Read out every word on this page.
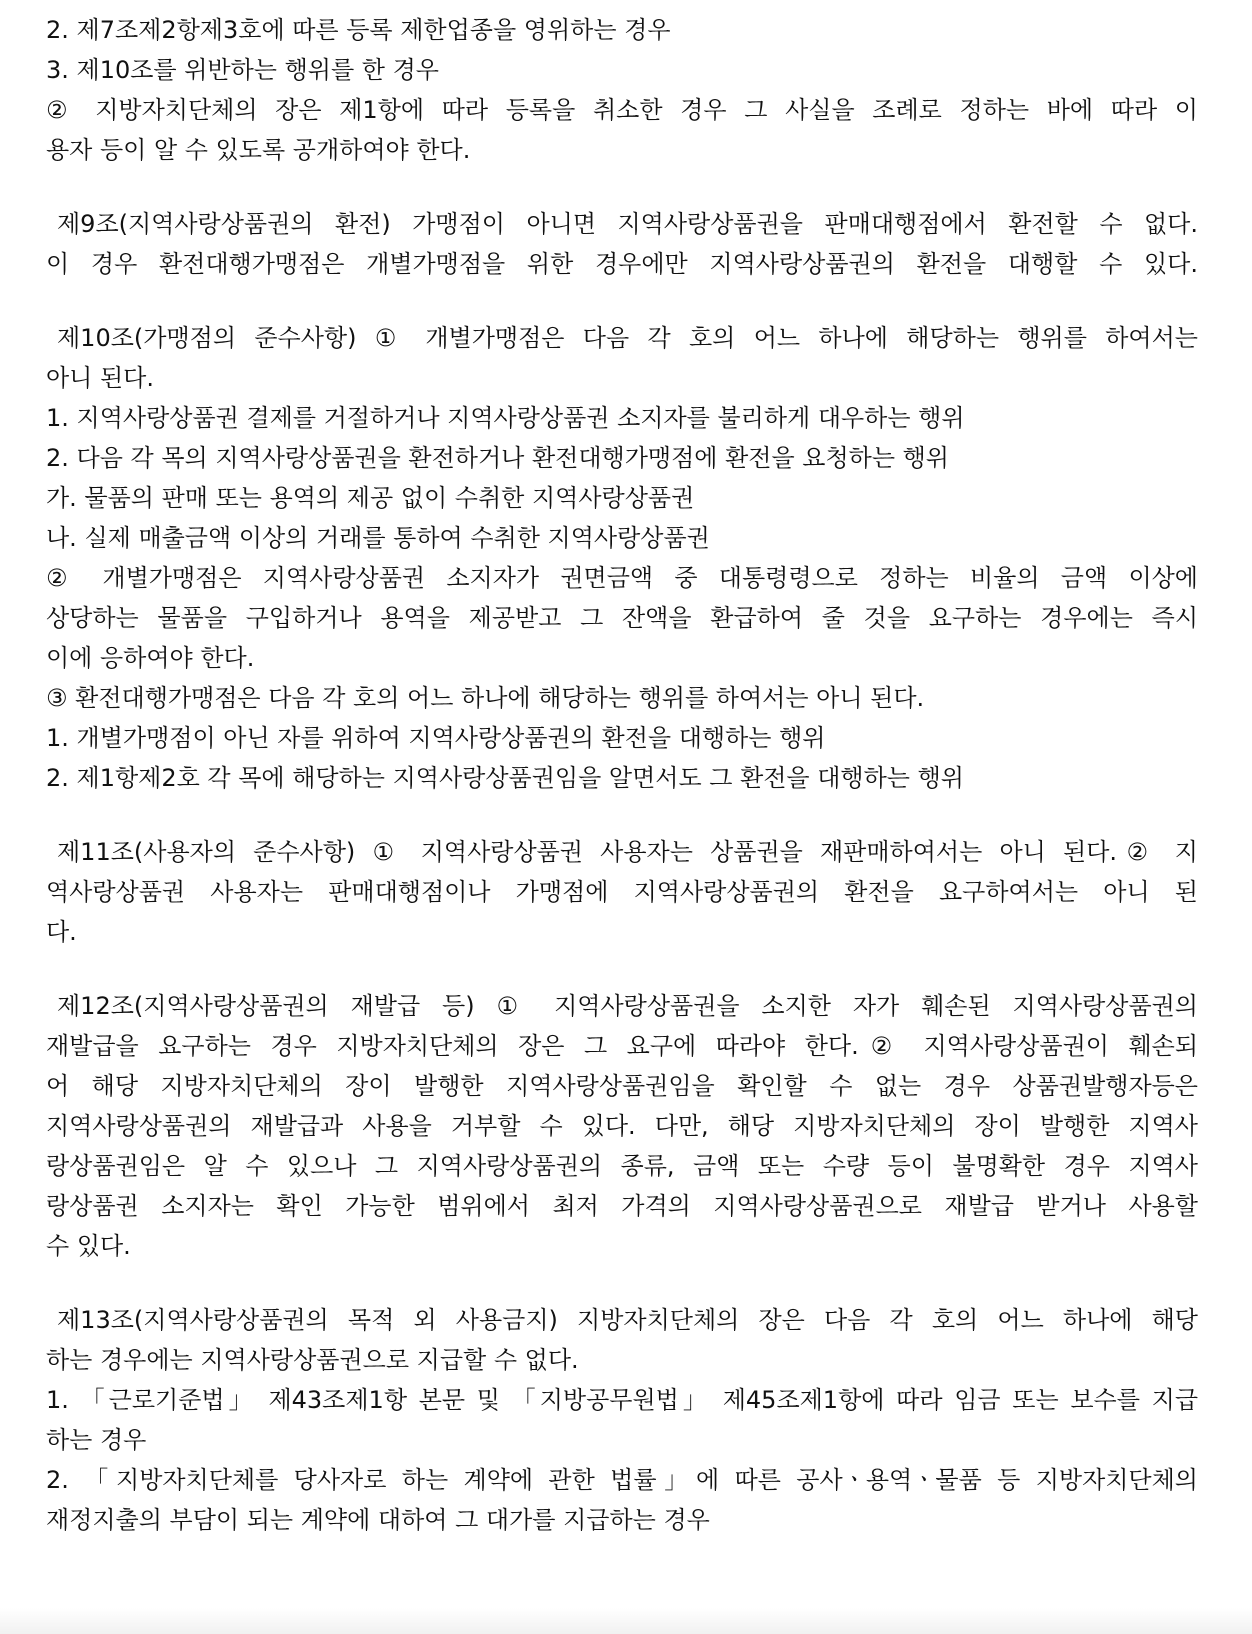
2. 제7조제2항제3호에 따른 등록 제한업종을 영위하는 경우
3. 제10조를 위반하는 행위를 한 경우
② 지방자치단체의 장은 제1항에 따라 등록을 취소한 경우 그 사실을 조례로 정하는 바에 따라 이
용자 등이 알 수 있도록 공개하여야 한다.
제9조(지역사랑상품권의 환전) 가맹점이 아니면 지역사랑상품권을 판매대행점에서 환전할 수 없다.
이 경우 환전대행가맹점은 개별가맹점을 위한 경우에만 지역사랑상품권의 환전을 대행할 수 있다.
제10조(가맹점의 준수사항) ① 개별가맹점은 다음 각 호의 어느 하나에 해당하는 행위를 하여서는
아니 된다.
1. 지역사랑상품권 결제를 거절하거나 지역사랑상품권 소지자를 불리하게 대우하는 행위
2. 다음 각 목의 지역사랑상품권을 환전하거나 환전대행가맹점에 환전을 요청하는 행위
가. 물품의 판매 또는 용역의 제공 없이 수취한 지역사랑상품권
나. 실제 매출금액 이상의 거래를 통하여 수취한 지역사랑상품권
② 개별가맹점은 지역사랑상품권 소지자가 권면금액 중 대통령령으로 정하는 비율의 금액 이상에
상당하는 물품을 구입하거나 용역을 제공받고 그 잔액을 환급하여 줄 것을 요구하는 경우에는 즉시
이에 응하여야 한다.
③ 환전대행가맹점은 다음 각 호의 어느 하나에 해당하는 행위를 하여서는 아니 된다.
1. 개별가맹점이 아닌 자를 위하여 지역사랑상품권의 환전을 대행하는 행위
2. 제1항제2호 각 목에 해당하는 지역사랑상품권임을 알면서도 그 환전을 대행하는 행위
제11조(사용자의 준수사항) ① 지역사랑상품권 사용자는 상품권을 재판매하여서는 아니 된다.② 지
역사랑상품권 사용자는 판매대행점이나 가맹점에 지역사랑상품권의 환전을 요구하여서는 아니 된
다.
제12조(지역사랑상품권의 재발급 등) ① 지역사랑상품권을 소지한 자가 훼손된 지역사랑상품권의
재발급을 요구하는 경우 지방자치단체의 장은 그 요구에 따라야 한다.② 지역사랑상품권이 훼손되
어 해당 지방자치단체의 장이 발행한 지역사랑상품권임을 확인할 수 없는 경우 상품권발행자등은
지역사랑상품권의 재발급과 사용을 거부할 수 있다. 다만, 해당 지방자치단체의 장이 발행한 지역사
랑상품권임은 알 수 있으나 그 지역사랑상품권의 종류, 금액 또는 수량 등이 불명확한 경우 지역사
랑상품권 소지자는 확인 가능한 범위에서 최저 가격의 지역사랑상품권으로 재발급 받거나 사용할
수 있다.
제13조(지역사랑상품권의 목적 외 사용금지) 지방자치단체의 장은 다음 각 호의 어느 하나에 해당
하는 경우에는 지역사랑상품권으로 지급할 수 없다.
1. 「근로기준법」 제43조제1항 본문 및 「지방공무원법」 제45조제1항에 따라 임금 또는 보수를 지급
하는 경우
2. 「지방자치단체를 당사자로 하는 계약에 관한 법률」에 따른 공사ㆍ용역ㆍ물품 등 지방자치단체의
재정지출의 부담이 되는 계약에 대하여 그 대가를 지급하는 경우
